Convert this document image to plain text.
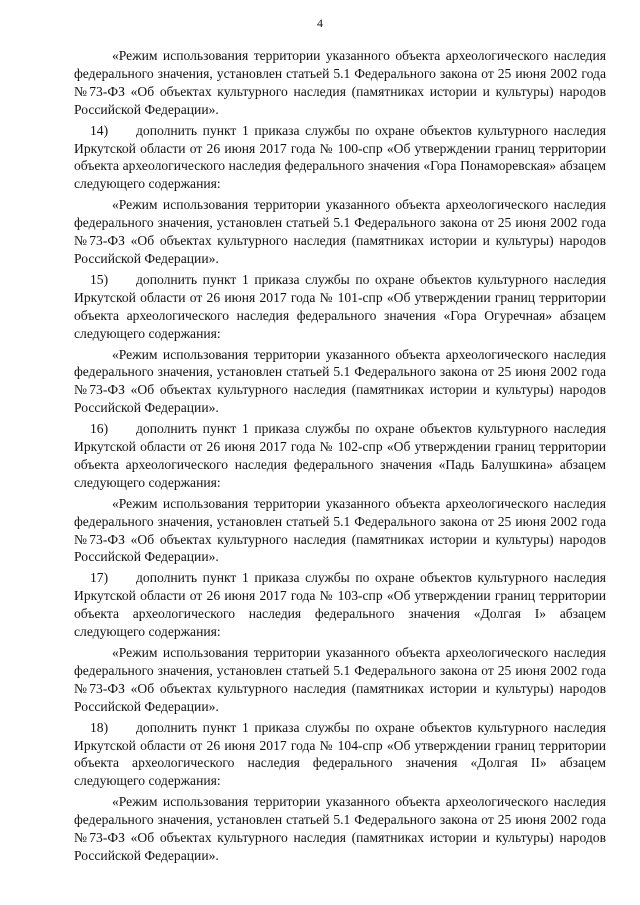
4

«Режим использования территории указанного объекта археологического наследия федерального значения, установлен статьей 5.1 Федерального закона от 25 июня 2002 года №73-ФЗ «Об объектах культурного наследия (памятниках истории и культуры) народов Российской Федерации».

14) дополнить пункт 1 приказа службы по охране объектов культурного наследия Иркутской области от 26 июня 2017 года № 100-спр «Об утверждении границ территории объекта археологического наследия федерального значения «Гора Понаморевская» абзацем следующего содержания:

«Режим использования территории указанного объекта археологического наследия федерального значения, установлен статьей 5.1 Федерального закона от 25 июня 2002 года №73-ФЗ «Об объектах культурного наследия (памятниках истории и культуры) народов Российской Федерации».

15) дополнить пункт 1 приказа службы по охране объектов культурного наследия Иркутской области от 26 июня 2017 года № 101-спр «Об утверждении границ территории объекта археологического наследия федерального значения «Гора Огуречная» абзацем следующего содержания:

«Режим использования территории указанного объекта археологического наследия федерального значения, установлен статьей 5.1 Федерального закона от 25 июня 2002 года №73-ФЗ «Об объектах культурного наследия (памятниках истории и культуры) народов Российской Федерации».

16) дополнить пункт 1 приказа службы по охране объектов культурного наследия Иркутской области от 26 июня 2017 года № 102-спр «Об утверждении границ территории объекта археологического наследия федерального значения «Падь Балушкина» абзацем следующего содержания:

«Режим использования территории указанного объекта археологического наследия федерального значения, установлен статьей 5.1 Федерального закона от 25 июня 2002 года №73-ФЗ «Об объектах культурного наследия (памятниках истории и культуры) народов Российской Федерации».

17) дополнить пункт 1 приказа службы по охране объектов культурного наследия Иркутской области от 26 июня 2017 года № 103-спр «Об утверждении границ территории объекта археологического наследия федерального значения «Долгая I» абзацем следующего содержания:

«Режим использования территории указанного объекта археологического наследия федерального значения, установлен статьей 5.1 Федерального закона от 25 июня 2002 года №73-ФЗ «Об объектах культурного наследия (памятниках истории и культуры) народов Российской Федерации».

18) дополнить пункт 1 приказа службы по охране объектов культурного наследия Иркутской области от 26 июня 2017 года № 104-спр «Об утверждении границ территории объекта археологического наследия федерального значения «Долгая II» абзацем следующего содержания:

«Режим использования территории указанного объекта археологического наследия федерального значения, установлен статьей 5.1 Федерального закона от 25 июня 2002 года №73-ФЗ «Об объектах культурного наследия (памятниках истории и культуры) народов Российской Федерации».
